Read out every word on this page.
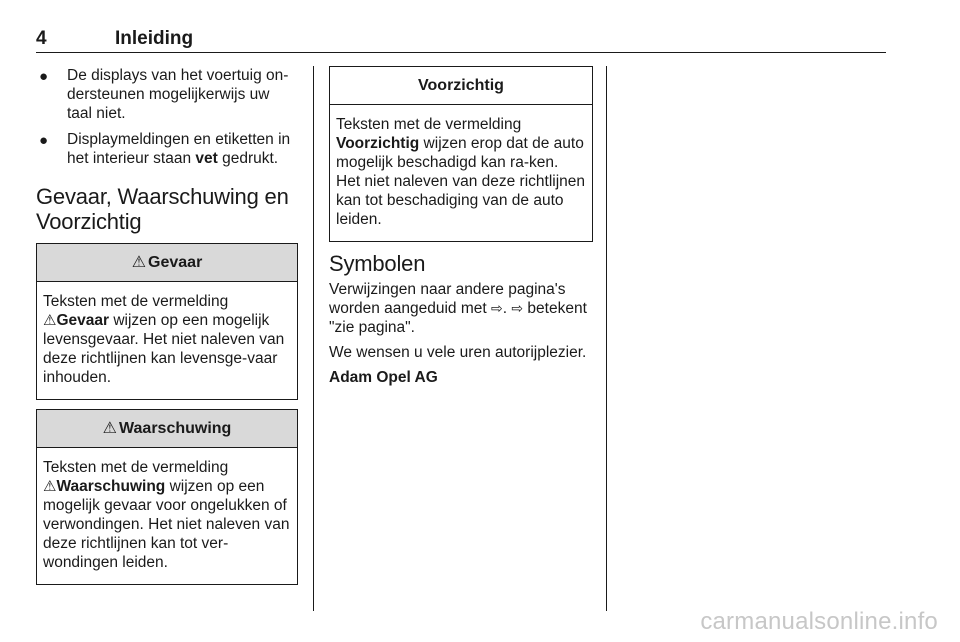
4	Inleiding
● De displays van het voertuig on-dersteunen mogelijkerwijs uw taal niet.
● Displaymeldingen en etiketten in het interieur staan vet gedrukt.
Gevaar, Waarschuwing en Voorzichtig
⚠ Gevaar
Teksten met de vermelding
⚠Gevaar wijzen op een mogelijk levensgevaar. Het niet naleven van deze richtlijnen kan levensge-vaar inhouden.
⚠ Waarschuwing
Teksten met de vermelding
⚠Waarschuwing wijzen op een mogelijk gevaar voor ongelukken of verwondingen. Het niet naleven van deze richtlijnen kan tot ver-wondingen leiden.
Voorzichtig
Teksten met de vermelding
Voorzichtig wijzen erop dat de auto mogelijk beschadigd kan ra-ken. Het niet naleven van deze richtlijnen kan tot beschadiging van de auto leiden.
Symbolen

Verwijzingen naar andere pagina's worden aangeduid met ⇨. ⇨ betekent "zie pagina".

We wensen u vele uren autorijplezier.

Adam Opel AG

carmanualsonline.info
